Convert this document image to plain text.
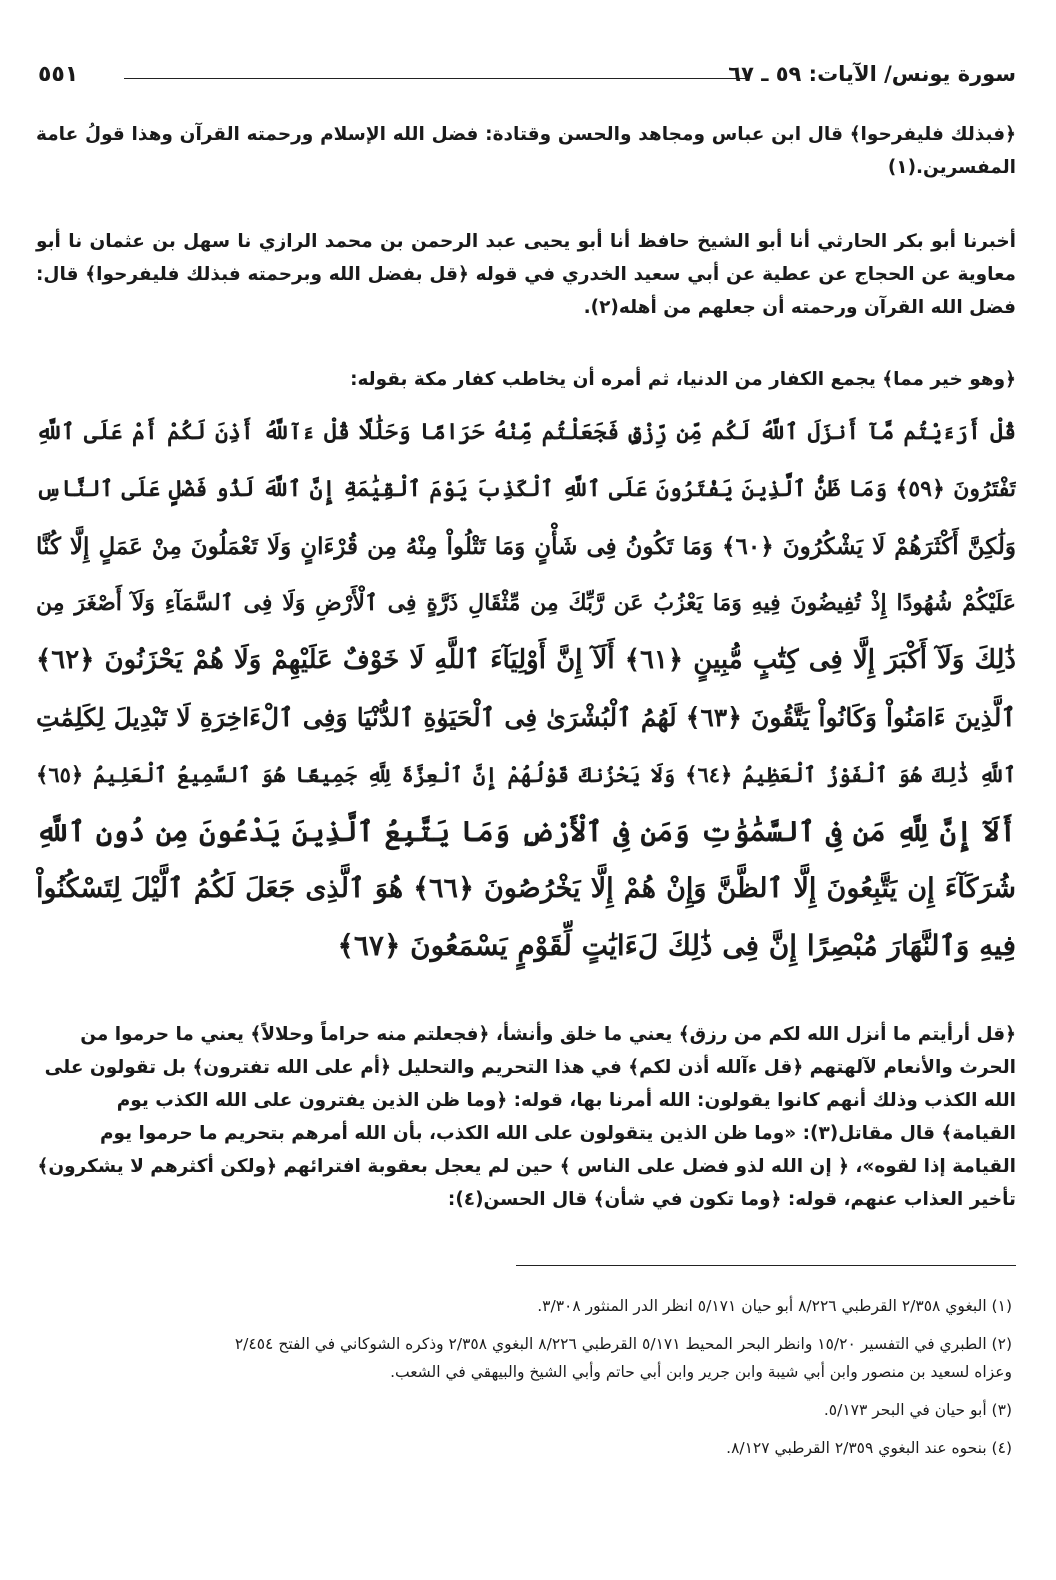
سورة يونس/ الآيات: ٥٩ ـ ٦٧
٥٥١

﴿فبذلك فليفرحوا﴾ قال ابن عباس ومجاهد والحسن وقتادة: فضل الله الإسلام ورحمته القرآن وهذا قولُ عامة المفسرين.(١)

أخبرنا أبو بكر الحارثي أنا أبو الشيخ حافظ أنا أبو يحيى عبد الرحمن بن محمد الرازي نا سهل بن عثمان نا أبو معاوية عن الحجاج عن عطية عن أبي سعيد الخدري في قوله ﴿قل بفضل الله وبرحمته فبذلك فليفرحوا﴾ قال: فضل الله القرآن ورحمته أن جعلهم من أهله(٢).

﴿وهو خير مما﴾ يجمع الكفار من الدنيا، ثم أمره أن يخاطب كفار مكة بقوله:

قُلْ أَرَءَيْتُم مَّآ أَنزَلَ ٱللَّهُ لَكُم مِّن رِّزْقٍ فَجَعَلْتُم مِّنْهُ حَرَامًا وَحَلَٰلًا قُلْ ءَآللَّهُ أَذِنَ لَكُمْ أَمْ عَلَى ٱللَّهِ
تَفْتَرُونَ ﴿٥٩﴾ وَمَا ظَنُّ ٱلَّذِينَ يَفْتَرُونَ عَلَى ٱللَّهِ ٱلْكَذِبَ يَوْمَ ٱلْقِيَٰمَةِ إِنَّ ٱللَّهَ لَذُو فَضْلٍ عَلَى ٱلنَّاسِ
وَلَٰكِنَّ أَكْثَرَهُمْ لَا يَشْكُرُونَ ﴿٦٠﴾ وَمَا تَكُونُ فِى شَأْنٍ وَمَا تَتْلُواْ مِنْهُ مِن قُرْءَانٍ وَلَا تَعْمَلُونَ مِنْ عَمَلٍ إِلَّا كُنَّا
عَلَيْكُمْ شُهُودًا إِذْ تُفِيضُونَ فِيهِ وَمَا يَعْزُبُ عَن رَّبِّكَ مِن مِّثْقَالِ ذَرَّةٍ فِى ٱلْأَرْضِ وَلَا فِى ٱلسَّمَآءِ وَلَآ أَصْغَرَ مِن
ذَٰلِكَ وَلَآ أَكْبَرَ إِلَّا فِى كِتَٰبٍ مُّبِينٍ ﴿٦١﴾ أَلَآ إِنَّ أَوْلِيَآءَ ٱللَّهِ لَا خَوْفٌ عَلَيْهِمْ وَلَا هُمْ يَحْزَنُونَ ﴿٦٢﴾
ٱلَّذِينَ ءَامَنُواْ وَكَانُواْ يَتَّقُونَ ﴿٦٣﴾ لَهُمُ ٱلْبُشْرَىٰ فِى ٱلْحَيَوٰةِ ٱلدُّنْيَا وَفِى ٱلْءَاخِرَةِ لَا تَبْدِيلَ لِكَلِمَٰتِ
ٱللَّهِ ذَٰلِكَ هُوَ ٱلْفَوْزُ ٱلْعَظِيمُ ﴿٦٤﴾ وَلَا يَحْزُنكَ قَوْلُهُمْ إِنَّ ٱلْعِزَّةَ لِلَّهِ جَمِيعًا هُوَ ٱلسَّمِيعُ ٱلْعَلِيمُ ﴿٦٥﴾
أَلَآ إِنَّ لِلَّهِ مَن فِى ٱلسَّمَٰوَٰتِ وَمَن فِى ٱلْأَرْضِ وَمَا يَتَّبِعُ ٱلَّذِينَ يَدْعُونَ مِن دُونِ ٱللَّهِ
شُرَكَآءَ إِن يَتَّبِعُونَ إِلَّا ٱلظَّنَّ وَإِنْ هُمْ إِلَّا يَخْرُصُونَ ﴿٦٦﴾ هُوَ ٱلَّذِى جَعَلَ لَكُمُ ٱلَّيْلَ لِتَسْكُنُواْ
فِيهِ وَٱلنَّهَارَ مُبْصِرًا إِنَّ فِى ذَٰلِكَ لَءَايَٰتٍ لِّقَوْمٍ يَسْمَعُونَ ﴿٦٧﴾

﴿قل أرأيتم ما أنزل الله لكم من رزق﴾ يعني ما خلق وأنشأ، ﴿فجعلتم منه حراماً وحلالاً﴾ يعني ما حرموا من الحرث والأنعام لآلهتهم ﴿قل ءآلله أذن لكم﴾ في هذا التحريم والتحليل ﴿أم على الله تفترون﴾ بل تقولون على الله الكذب وذلك أنهم كانوا يقولون: الله أمرنا بها، قوله: ﴿وما ظن الذين يفترون على الله الكذب يوم القيامة﴾ قال مقاتل(٣): «وما ظن الذين يتقولون على الله الكذب، بأن الله أمرهم بتحريم ما حرموا يوم القيامة إذا لقوه»، ﴿ إن الله لذو فضل على الناس ﴾ حين لم يعجل بعقوبة افترائهم ﴿ولكن أكثرهم لا يشكرون﴾ تأخير العذاب عنهم، قوله: ﴿وما تكون في شأن﴾ قال الحسن(٤):

(١) البغوي ٢/٣٥٨ القرطبي ٨/٢٢٦ أبو حيان ٥/١٧١ انظر الدر المنثور ٣/٣٠٨.

(٢) الطبري في التفسير ١٥/٢٠ وانظر البحر المحيط ٥/١٧١ القرطبي ٨/٢٢٦ البغوي ٢/٣٥٨ وذكره الشوكاني في الفتح ٢/٤٥٤

وعزاه لسعيد بن منصور وابن أبي شيبة وابن جرير وابن أبي حاتم وأبي الشيخ والبيهقي في الشعب.

(٣) أبو حيان في البحر ٥/١٧٣.

(٤) بنحوه عند البغوي ٢/٣٥٩ القرطبي ٨/١٢٧.
